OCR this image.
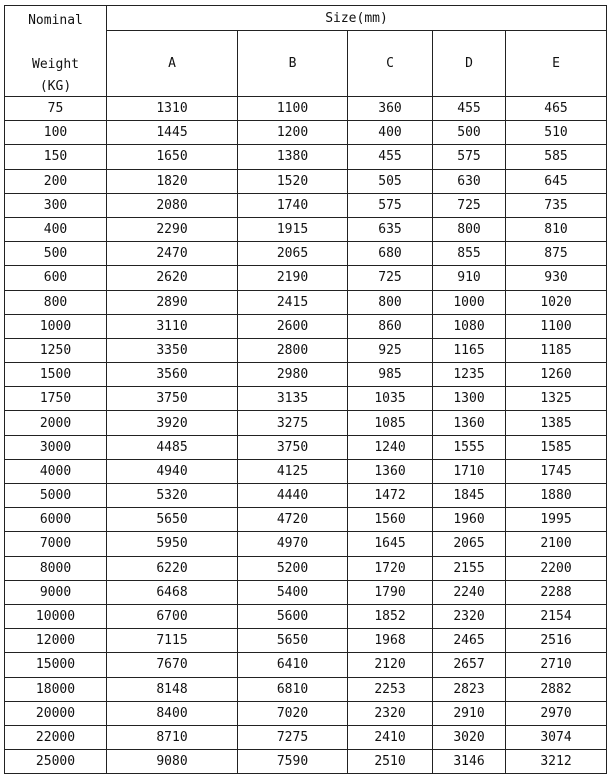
Nominal
Weight
(KG)	Size(mm)				
	A	B	C	D	E
75	1310	1100	360	455	465
100	1445	1200	400	500	510
150	1650	1380	455	575	585
200	1820	1520	505	630	645
300	2080	1740	575	725	735
400	2290	1915	635	800	810
500	2470	2065	680	855	875
600	2620	2190	725	910	930
800	2890	2415	800	1000	1020
1000	3110	2600	860	1080	1100
1250	3350	2800	925	1165	1185
1500	3560	2980	985	1235	1260
1750	3750	3135	1035	1300	1325
2000	3920	3275	1085	1360	1385
3000	4485	3750	1240	1555	1585
4000	4940	4125	1360	1710	1745
5000	5320	4440	1472	1845	1880
6000	5650	4720	1560	1960	1995
7000	5950	4970	1645	2065	2100
8000	6220	5200	1720	2155	2200
9000	6468	5400	1790	2240	2288
10000	6700	5600	1852	2320	2154
12000	7115	5650	1968	2465	2516
15000	7670	6410	2120	2657	2710
18000	8148	6810	2253	2823	2882
20000	8400	7020	2320	2910	2970
22000	8710	7275	2410	3020	3074
25000	9080	7590	2510	3146	3212
